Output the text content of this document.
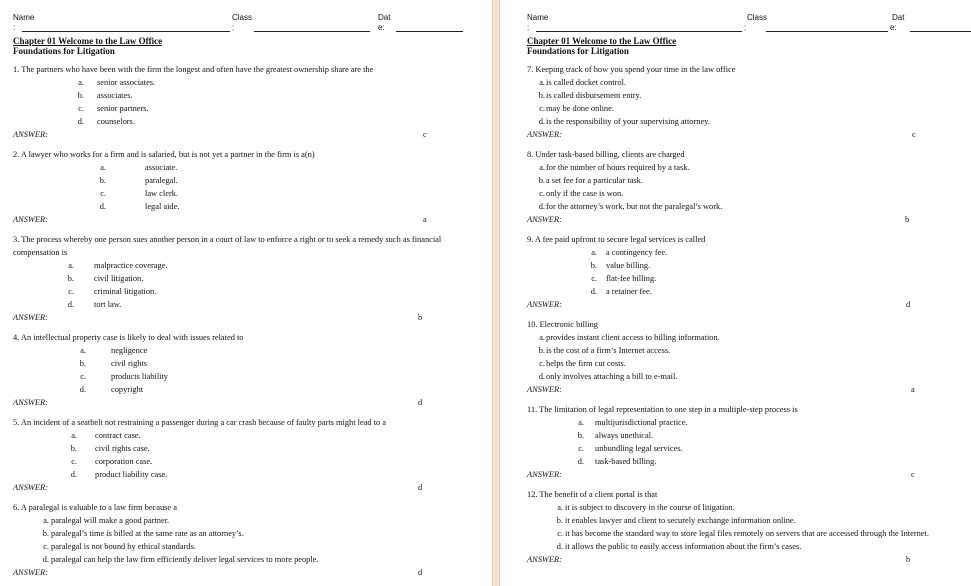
Name
:
Class
:
Dat
e:
Chapter 01 Welcome to the Law Office
Foundations for Litigation
1. The partners who have been with the firm the longest and often have the greatest ownership share are the
a. senior associates.
b. associates.
c. senior partners.
d. counselors.
ANSWER:	c
2. A lawyer who works for a firm and is salaried, but is not yet a partner in the firm is a(n)
a.	associate.
b.	paralegal.
c.	law clerk.
d.	legal aide.
ANSWER:	a
3. The process whereby one person sues another person in a court of law to enforce a right or to seek a remedy such as financial compensation is
a. malpractice coverage.
b. civil litigation.
c. criminal litigation.
d. tort law.
ANSWER:	b
4. An intellectual property case is likely to deal with issues related to
a.	negligence
b.	civil rights
c.	products liability
d.	copyright
ANSWER:	d
5. An incident of a seatbelt not restraining a passenger during a car crash because of faulty parts might lead to a
a. contract case.
b. civil rights case.
c. corporation case.
d. product liability case.
ANSWER:	d
6. A paralegal is valuable to a law firm because a
a. paralegal will make a good partner.
b. paralegal’s time is billed at the same rate as an attorney’s.
c. paralegal is not bound by ethical standards.
d. paralegal can help the law firm efficiently deliver legal services to more people.
ANSWER:	d
Name
:
Class
:
Dat
e:
Chapter 01 Welcome to the Law Office
Foundations for Litigation
7. Keeping track of how you spend your time in the law office
a. is called docket control.
b. is called disbursement entry.
c. may be done online.
d. is the responsibility of your supervising attorney.
ANSWER:	c
8. Under task-based billing, clients are charged
a. for the number of hours required by a task.
b. a set fee for a particular task.
c. only if the case is won.
d. for the attorney’s work, but not the paralegal’s work.
ANSWER:	b
9. A fee paid upfront to secure legal services is called
a. a contingency fee.
b. value billing.
c. flat-fee billing.
d. a retainer fee.
ANSWER:	d
10. Electronic billing
a. provides instant client access to billing information.
b. is the cost of a firm’s Internet access.
c. helps the firm cut costs.
d. only involves attaching a bill to e-mail.
ANSWER:	a
11. The limitation of legal representation to one step in a multiple-step process is
a. multijurisdictional practice.
b. always unethical.
c. unbundling legal services.
d. task-based billing.
ANSWER:	c
12. The benefit of a client portal is that
a. it is subject to discovery in the course of litigation.
b. it enables lawyer and client to securely exchange information online.
c. it has become the standard way to store legal files remotely on servers that are accessed through the Internet.
d. it allows the public to easily access information about the firm’s cases.
ANSWER:	b
